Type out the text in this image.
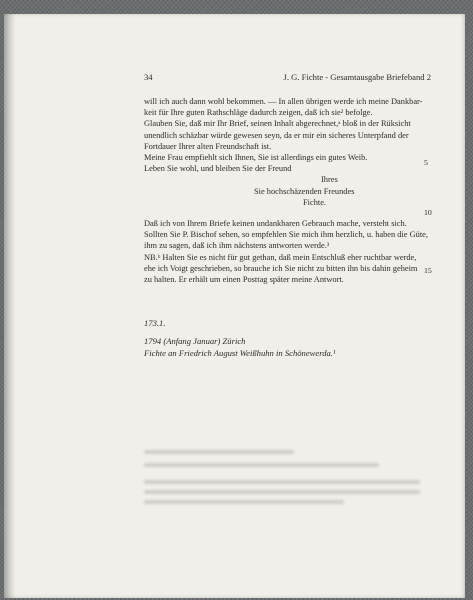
34	J. G. Fichte - Gesamtausgabe Briefeband 2
will ich auch dann wohl bekommen. — In allen übrigen werde ich meine Dankbar-
keit für Ihre guten Rathschläge dadurch zeigen, daß ich sie² befolge.
Glauben Sie, daß mir Ihr Brief, seinen Inhalt abgerechnet,ᵃ bloß in der Rüksicht
unendlich schäzbar würde gewesen seyn, da er mir ein sicheres Unterpfand der
Fortdauer Ihrer alten Freundschaft ist.
Meine Frau empfiehlt sich Ihnen, Sie ist allerdings ein gutes Weib.
Leben Sie wohl, und bleiben Sie der Freund
Ihres
Sie hochschäzenden Freundes
Fichte.
Daß ich von Ihrem Briefe keinen undankbaren Gebrauch mache, versteht sich.
Sollten Sie P. Bischof sehen, so empfehlen Sie mich ihm herzlich, u. haben die Güte,
ihm zu sagen, daß ich ihm nächstens antworten werde.³
NB.ᵇ Halten Sie es nicht für gut gethan, daß mein Entschluß eher ruchtbar werde,
ehe ich Voigt geschrieben, so brauche ich Sie nicht zu bitten ihn bis dahin geheim
zu halten. Er erhält um einen Posttag später meine Antwort.
5
10
15
173.1.
1794 (Anfang Januar) Zürich
Fichte an Friedrich August Weißhuhn in Schönewerda.¹
